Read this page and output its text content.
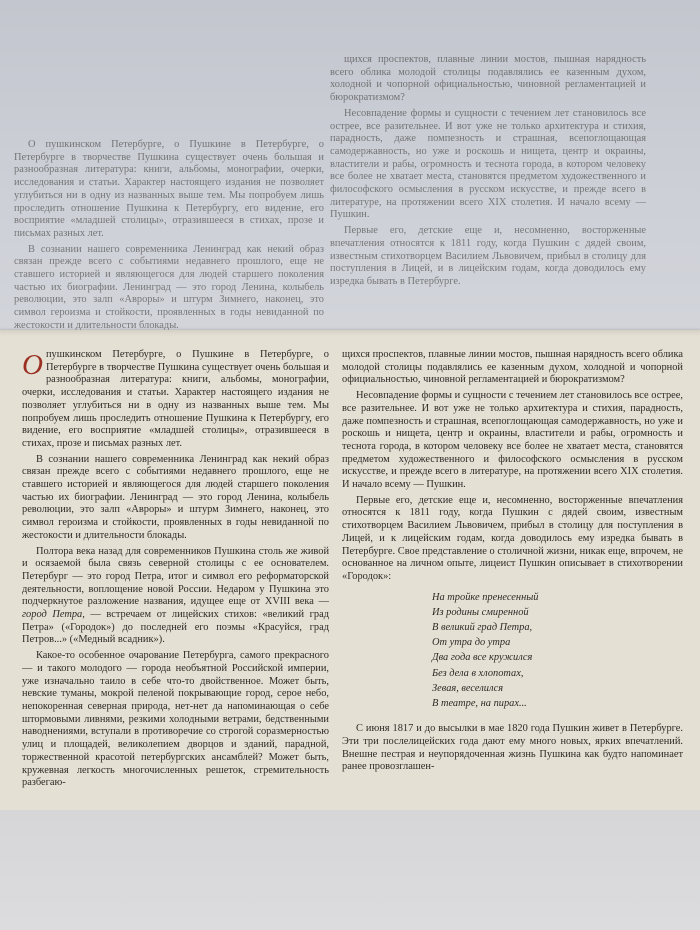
О пушкинском Петербурге, о Пушкине в Петербурге, о Петербурге в творчестве Пушкина существует очень большая и разнообразная литература: книги, альбомы, монографии, очерки, исследования и статьи. Характер настоящего издания не позволяет углубиться ни в одну из названных выше тем. Мы попробуем лишь проследить отношение Пушкина к Петербургу, его видение, его восприятие «младшей столицы», отразившееся в стихах, прозе и письмах разных лет.

В сознании нашего современника Ленинград как некий образ связан прежде всего с событиями недавнего прошлого, еще не ставшего историей и являющегося для людей старшего поколения частью их биографии. Ленинград — это город Ленина, колыбель революции, это залп «Авроры» и штурм Зимнего, наконец, это символ героизма и стойкости, проявленных в годы невиданной по жестокости и длительности блокады.

щихся проспектов, плавные линии мостов, пышная нарядность всего облика молодой столицы подавлялись ее казенным духом, холодной и чопорной официальностью, чиновной регламентацией и бюрократизмом?

Несовпадение формы и сущности с течением лет становилось все острее, все разительнее. И вот уже не только архитектура и стихия, парадность, даже помпезность и страшная, всепоглощающая самодержавность, но уже и роскошь и нищета, центр и окраины, властители и рабы, огромность и теснота города, в котором человеку все более не хватает места, становятся предметом художественного и философского осмысления в русском искусстве, и прежде всего в литературе, на протяжении всего XIX столетия. И начало всему — Пушкин.

Первые его, детские еще и, несомненно, восторженные впечатления относятся к 1811 году, когда Пушкин с дядей своим, известным стихотворцем Василием Львовичем, прибыл в столицу для поступления в Лицей, и в лицейским годам, когда доводилось ему изредка бывать в Петербурге.

О пушкинском Петербурге, о Пушкине в Петербурге, о Петербурге в творчестве Пушкина существует очень большая и разнообразная литература: книги, альбомы, монографии, очерки, исследования и статьи. Характер настоящего издания не позволяет углубиться ни в одну из названных выше тем. Мы попробуем лишь проследить отношение Пушкина к Петербургу, его видение, его восприятие «младшей столицы», отразившееся в стихах, прозе и письмах разных лет.

В сознании нашего современника Ленинград как некий образ связан прежде всего с событиями недавнего прошлого, еще не ставшего историей и являющегося для людей старшего поколения частью их биографии. Ленинград — это город Ленина, колыбель революции, это залп «Авроры» и штурм Зимнего, наконец, это символ героизма и стойкости, проявленных в годы невиданной по жестокости и длительности блокады.

Полтора века назад для современников Пушкина столь же живой и осязаемой была связь северной столицы с ее основателем. Петербург — это город Петра, итог и символ его реформаторской деятельности, воплощение новой России. Недаром у Пушкина это подчеркнутое разложение названия, идущее еще от XVIII века — город Петра, — встречаем от лицейских стихов: «великий град Петра» («Городок») до последней его поэмы «Красуйся, град Петров...» («Медный всадник»).

Какое-то особенное очарование Петербурга, самого прекрасного — и такого молодого — города необъятной Российской империи, уже изначально таило в себе что-то двойственное. Может быть, невские туманы, мокрой пеленой покрывающие город, серое небо, непокоренная северная природа, нет-нет да напоминающая о себе штормовыми ливнями, резкими холодными ветрами, бедственными наводнениями, вступали в противоречие со строгой соразмерностью улиц и площадей, великолепием дворцов и зданий, парадной, торжественной красотой петербургских ансамблей? Может быть, кружевная легкость многочисленных решеток, стремительность разбегаю-

щихся проспектов, плавные линии мостов, пышная нарядность всего облика молодой столицы подавлялись ее казенным духом, холодной и чопорной официальностью, чиновной регламентацией и бюрократизмом?

Несовпадение формы и сущности с течением лет становилось все острее, все разительнее. И вот уже не только архитектура и стихия, парадность, даже помпезность и страшная, всепоглощающая самодержавность, но уже и роскошь и нищета, центр и окраины, властители и рабы, огромность и теснота города, в котором человеку все более не хватает места, становятся предметом художественного и философского осмысления в русском искусстве, и прежде всего в литературе, на протяжении всего XIX столетия. И начало всему — Пушкин.

Первые его, детские еще и, несомненно, восторженные впечатления относятся к 1811 году, когда Пушкин с дядей своим, известным стихотворцем Василием Львовичем, прибыл в столицу для поступления в Лицей, и к лицейским годам, когда доводилось ему изредка бывать в Петербурге. Свое представление о столичной жизни, никак еще, впрочем, не основанное на личном опыте, лицеист Пушкин описывает в стихотворении «Городок»:

На тройке пренесенный
Из родины смиренной
В великий град Петра,
От утра до утра
Два года все кружился
Без дела в хлопотах,
Зевая, веселился
В театре, на пирах...

С июня 1817 и до высылки в мае 1820 года Пушкин живет в Петербурге. Эти три послелицейских года дают ему много новых, ярких впечатлений. Внешне пестрая и неупорядоченная жизнь Пушкина как будто напоминает ранее провозглашен-
